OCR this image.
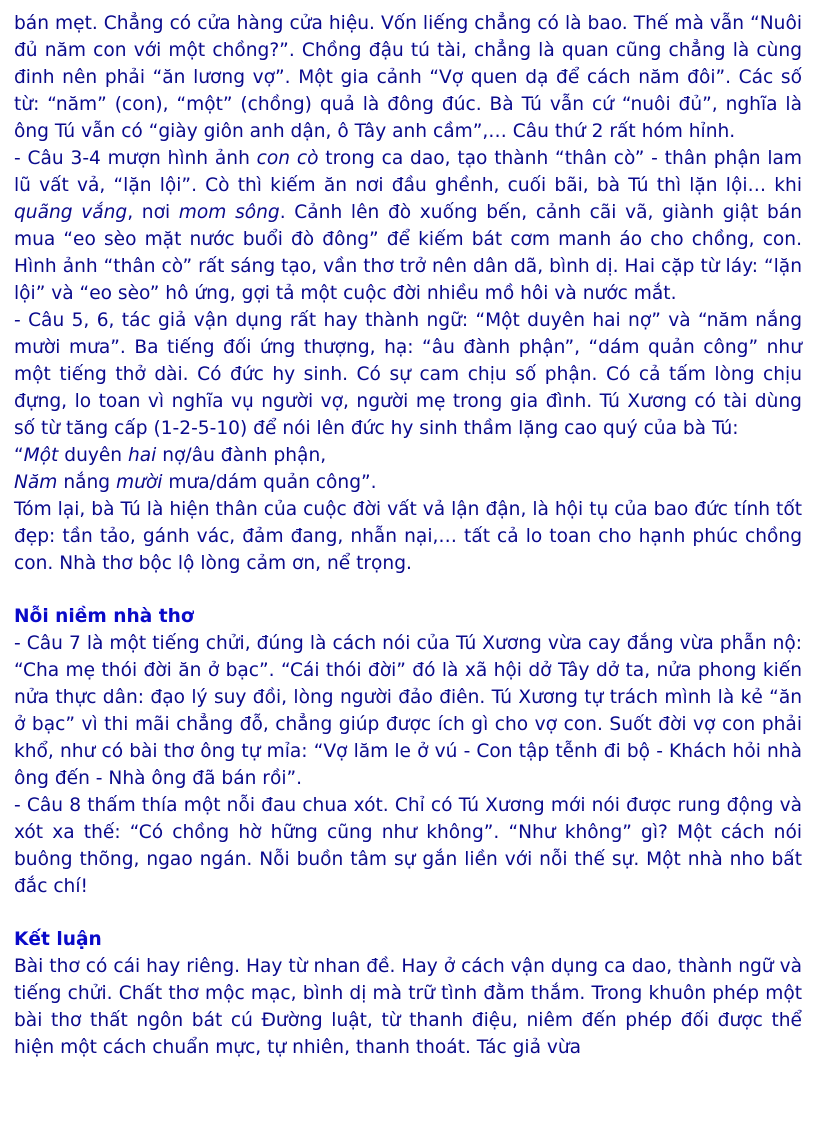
bán mẹt. Chẳng có cửa hàng cửa hiệu. Vốn liếng chẳng có là bao. Thế mà vẫn “Nuôi đủ năm con với một chồng?”. Chồng đậu tú tài, chẳng là quan cũng chẳng là cùng đinh nên phải “ăn lương vợ”. Một gia cảnh “Vợ quen dạ để cách năm đôi”. Các số từ: “năm” (con), “một” (chồng) quả là đông đúc. Bà Tú vẫn cứ “nuôi đủ”, nghĩa là ông Tú vẫn có “giày giôn anh dận, ô Tây anh cầm”,… Câu thứ 2 rất hóm hỉnh.

- Câu 3-4 mượn hình ảnh con cò trong ca dao, tạo thành “thân cò” - thân phận lam lũ vất vả, “lặn lội”. Cò thì kiếm ăn nơi đầu ghềnh, cuối bãi, bà Tú thì lặn lội… khi quãng vắng, nơi mom sông. Cảnh lên đò xuống bến, cảnh cãi vã, giành giật bán mua “eo sèo mặt nước buổi đò đông” để kiếm bát cơm manh áo cho chồng, con. Hình ảnh “thân cò” rất sáng tạo, vần thơ trở nên dân dã, bình dị. Hai cặp từ láy: “lặn lội” và “eo sèo” hô ứng, gợi tả một cuộc đời nhiều mồ hôi và nước mắt.

- Câu 5, 6, tác giả vận dụng rất hay thành ngữ: “Một duyên hai nợ” và “năm nắng mười mưa”. Ba tiếng đối ứng thượng, hạ: “âu đành phận”, “dám quản công” như một tiếng thở dài. Có đức hy sinh. Có sự cam chịu số phận. Có cả tấm lòng chịu đựng, lo toan vì nghĩa vụ người vợ, người mẹ trong gia đình. Tú Xương có tài dùng số từ tăng cấp (1-2-5-10) để nói lên đức hy sinh thầm lặng cao quý của bà Tú:

“Một duyên hai nợ/âu đành phận,

Năm nắng mười mưa/dám quản công”.

Tóm lại, bà Tú là hiện thân của cuộc đời vất vả lận đận, là hội tụ của bao đức tính tốt đẹp: tần tảo, gánh vác, đảm đang, nhẫn nại,… tất cả lo toan cho hạnh phúc chồng con. Nhà thơ bộc lộ lòng cảm ơn, nể trọng.

Nỗi niềm nhà thơ

- Câu 7 là một tiếng chửi, đúng là cách nói của Tú Xương vừa cay đắng vừa phẫn nộ: “Cha mẹ thói đời ăn ở bạc”. “Cái thói đời” đó là xã hội dở Tây dở ta, nửa phong kiến nửa thực dân: đạo lý suy đồi, lòng người đảo điên. Tú Xương tự trách mình là kẻ “ăn ở bạc” vì thi mãi chẳng đỗ, chẳng giúp được ích gì cho vợ con. Suốt đời vợ con phải khổ, như có bài thơ ông tự mỉa: “Vợ lăm le ở vú - Con tập tễnh đi bộ - Khách hỏi nhà ông đến - Nhà ông đã bán rồi”.

- Câu 8 thấm thía một nỗi đau chua xót. Chỉ có Tú Xương mới nói được rung động và xót xa thế: “Có chồng hờ hững cũng như không”. “Như không” gì? Một cách nói buông thõng, ngao ngán. Nỗi buồn tâm sự gắn liền với nỗi thế sự. Một nhà nho bất đắc chí!

Kết luận

Bài thơ có cái hay riêng. Hay từ nhan đề. Hay ở cách vận dụng ca dao, thành ngữ và tiếng chửi. Chất thơ mộc mạc, bình dị mà trữ tình đằm thắm. Trong khuôn phép một bài thơ thất ngôn bát cú Đường luật, từ thanh điệu, niêm đến phép đối được thể hiện một cách chuẩn mực, tự nhiên, thanh thoát. Tác giả vừa
